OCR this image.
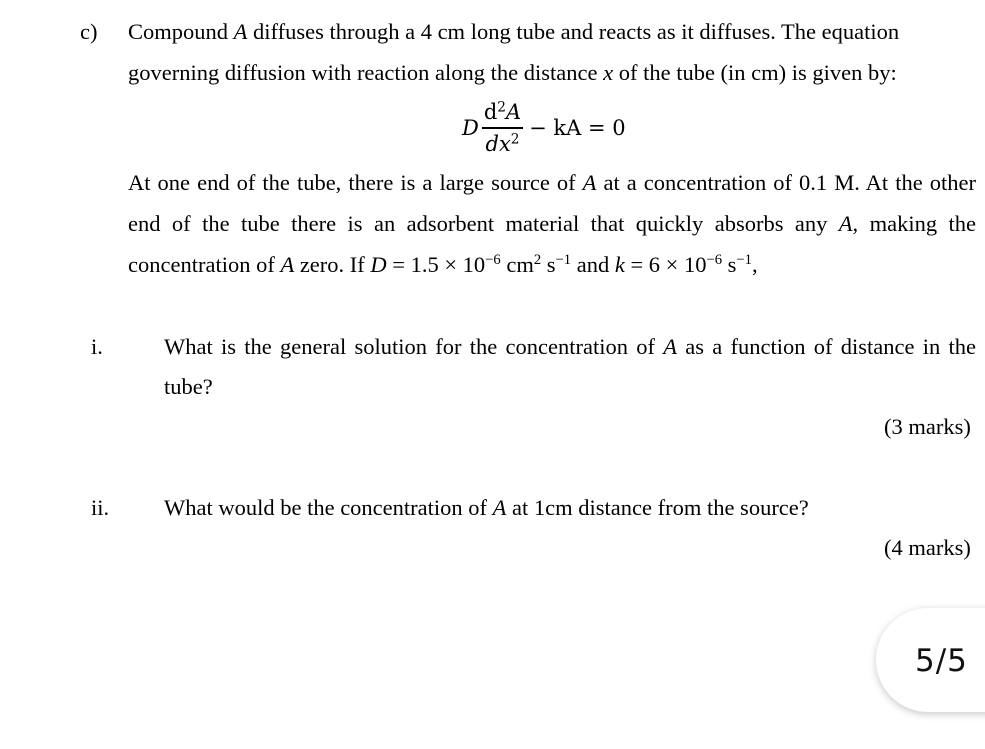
c) Compound A diffuses through a 4 cm long tube and reacts as it diffuses. The equation
governing diffusion with reaction along the distance x of the tube (in cm) is given by:
D $\frac{d^2A}{dx^2}$ − kA = 0
At one end of the tube, there is a large source of A at a concentration of 0.1 M. At the other
end of the tube there is an adsorbent material that quickly absorbs any A, making the
concentration of A zero. If $D = 1.5 \times 10^{-6}$ $cm^2$ $s^{-1}$ and $k = 6 \times 10^{-6}$ $s^{-1}$,
i.	What is the general solution for the concentration of A as a function of distance in the
tube?
(3 marks)
ii. What would be the concentration of A at 1cm distance from the source?
(4 marks)
5/5
